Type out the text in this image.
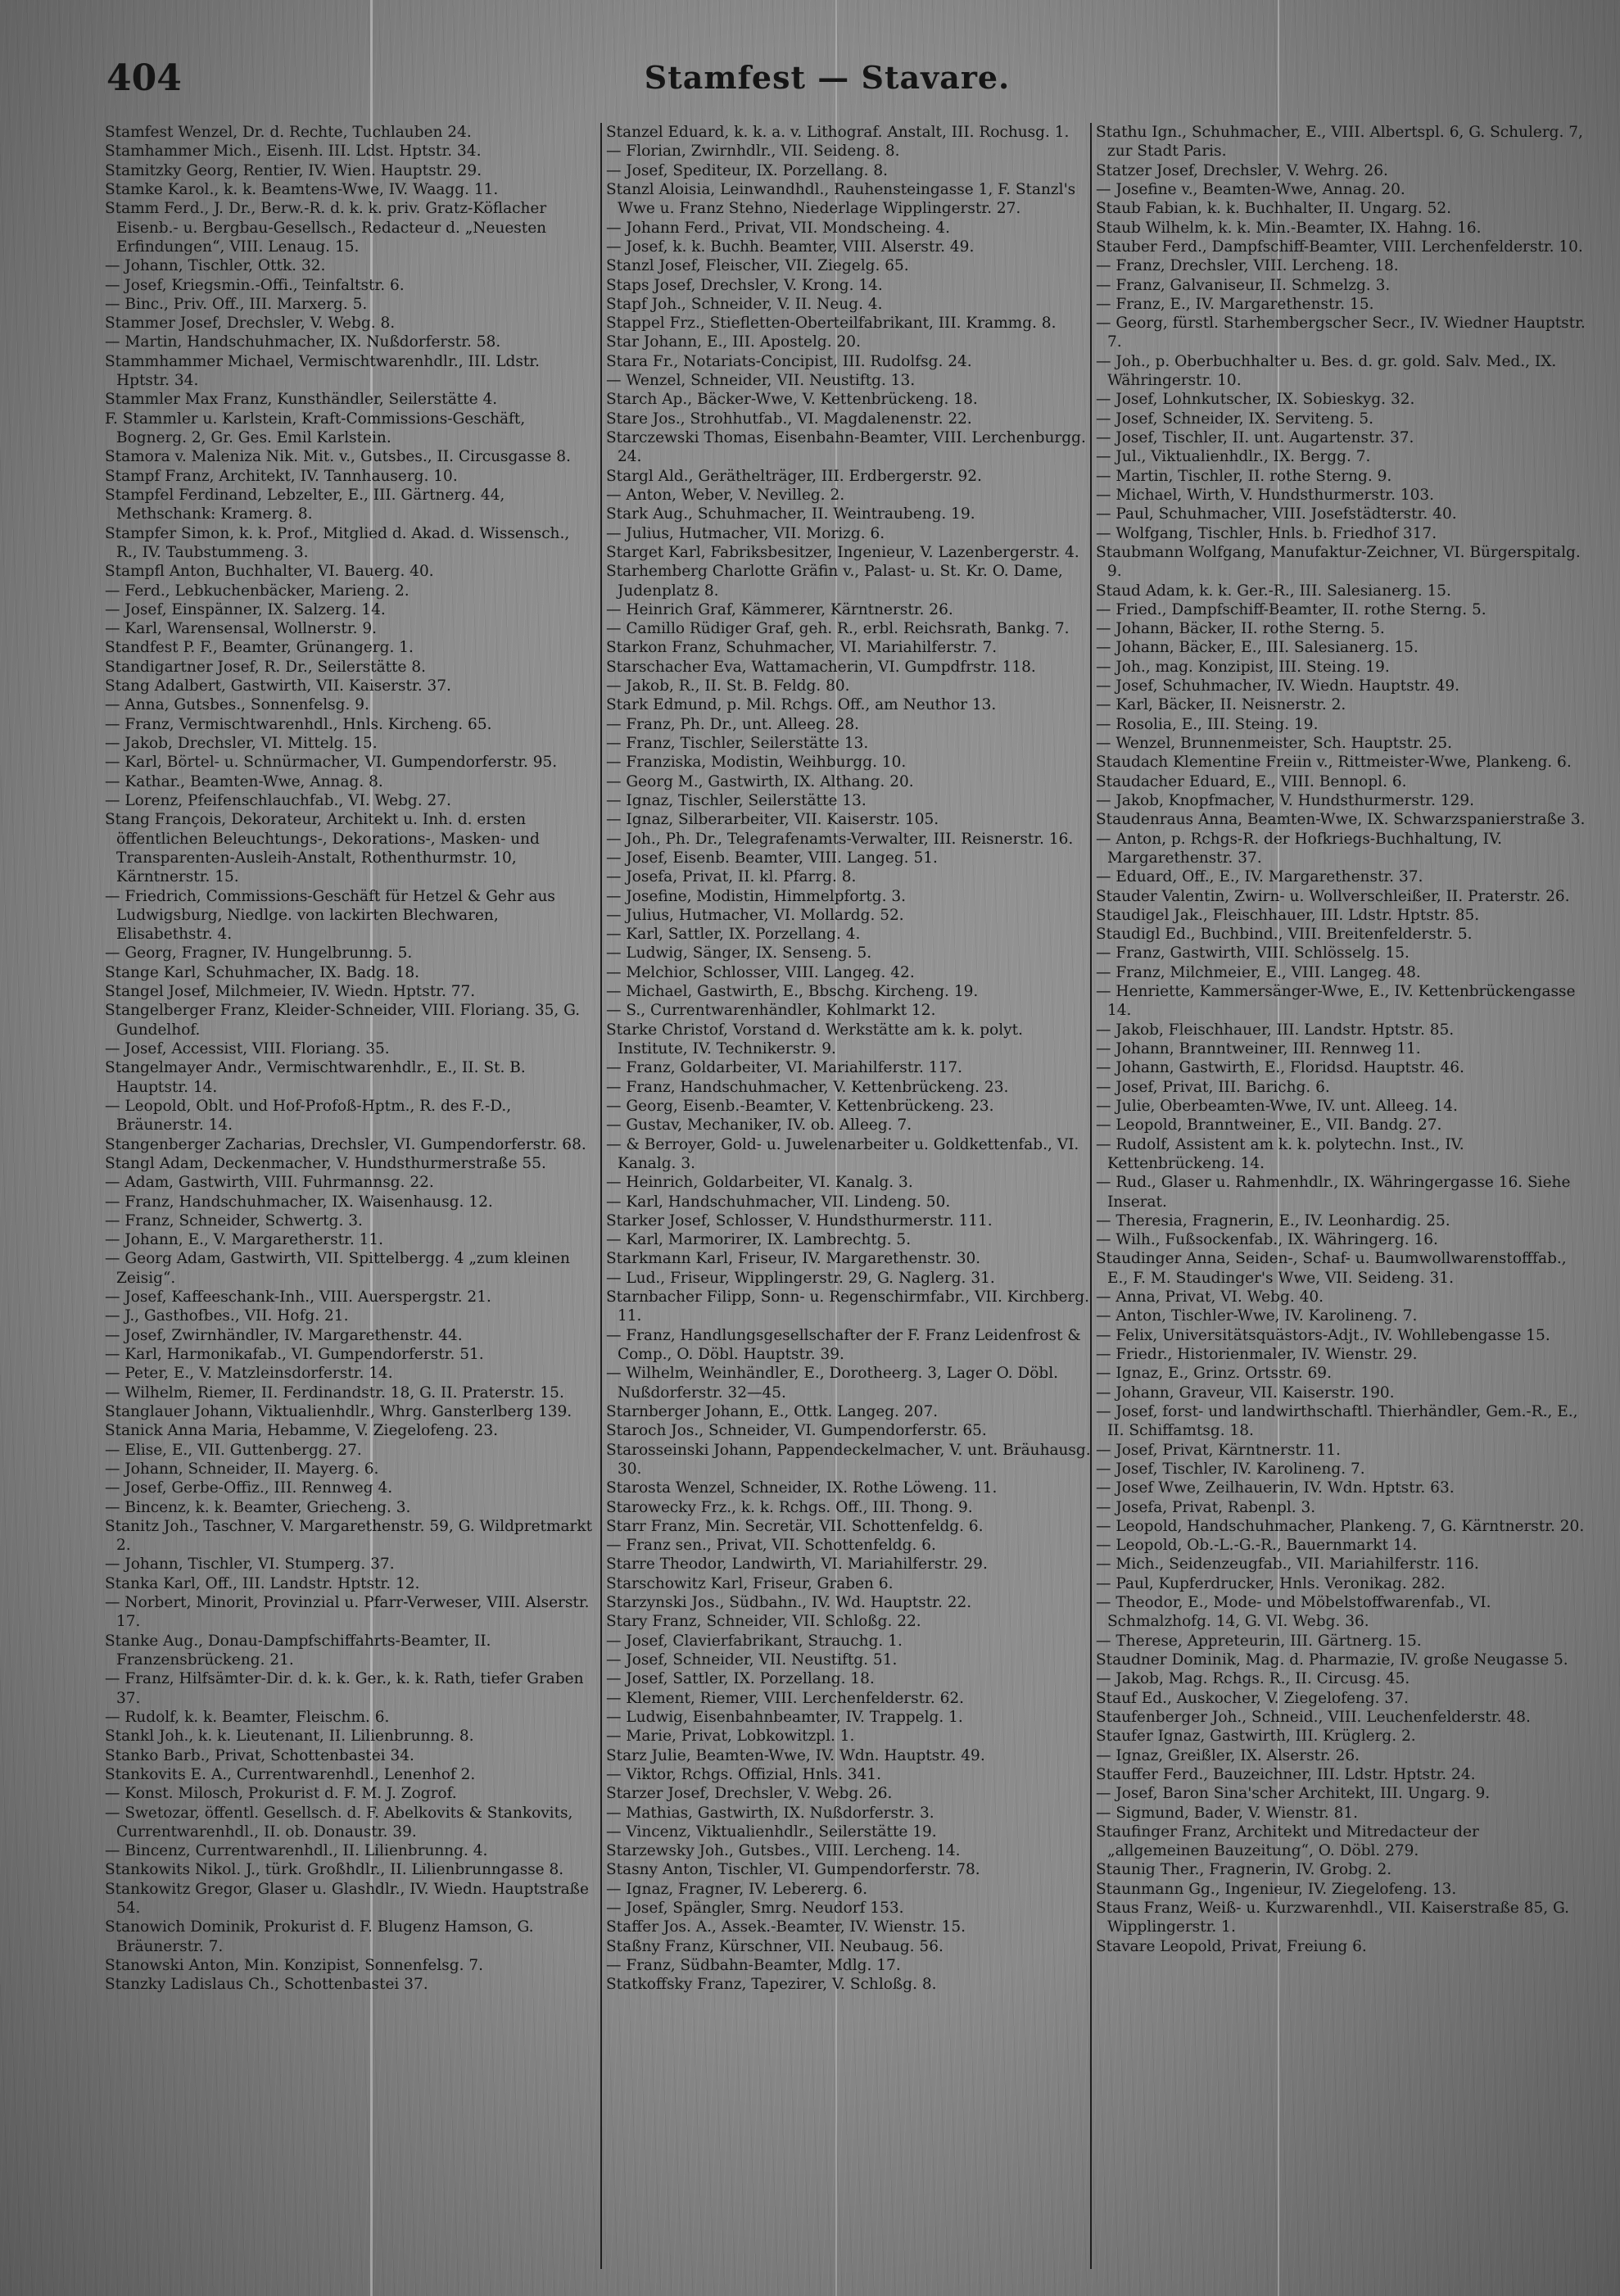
404	Stamfest — Stavare.
Stamfest Wenzel, Dr. d. Rechte, Tuchlauben 24.
Stamhammer Mich., Eisenh. III. Ldst. Hptstr. 34.
Stamitzky Georg, Rentier, IV. Wien. Hauptstr. 29.
Stamke Karol., k. k. Beamtens-Wwe, IV. Waagg. 11.
Stamm Ferd., J. Dr., Berw.-R. d. k. k. priv. Gratz-Köflacher Eisenb.- u. Bergbau-Gesellsch., Redacteur d. „Neuesten Erfindungen“, VIII. Lenaug. 15.
— Johann, Tischler, Ottk. 32.
— Josef, Kriegsmin.-Offi., Teinfaltstr. 6.
— Binc., Priv. Off., III. Marxerg. 5.
Stammer Josef, Drechsler, V. Webg. 8.
— Martin, Handschuhmacher, IX. Nußdorferstr. 58.
Stammhammer Michael, Vermischtwarenhdlr., III. Ldstr. Hptstr. 34.
Stammler Max Franz, Kunsthändler, Seilerstätte 4.
F. Stammler u. Karlstein, Kraft-Commissions-Geschäft, Bognerg. 2, Gr. Ges. Emil Karlstein.
Stamora v. Maleniza Nik. Mit. v., Gutsbes., II. Circusgasse 8.
Stampf Franz, Architekt, IV. Tannhauserg. 10.
Stampfel Ferdinand, Lebzelter, E., III. Gärtnerg. 44, Methschank: Kramerg. 8.
Stampfer Simon, k. k. Prof., Mitglied d. Akad. d. Wissensch., R., IV. Taubstummeng. 3.
Stampfl Anton, Buchhalter, VI. Bauerg. 40.
— Ferd., Lebkuchenbäcker, Marieng. 2.
— Josef, Einspänner, IX. Salzerg. 14.
— Karl, Warensensal, Wollnerstr. 9.
Standfest P. F., Beamter, Grünangerg. 1.
Standigartner Josef, R. Dr., Seilerstätte 8.
Stang Adalbert, Gastwirth, VII. Kaiserstr. 37.
— Anna, Gutsbes., Sonnenfelsg. 9.
— Franz, Vermischtwarenhdl., Hnls. Kircheng. 65.
— Jakob, Drechsler, VI. Mittelg. 15.
— Karl, Börtel- u. Schnürmacher, VI. Gumpendorferstr. 95.
— Kathar., Beamten-Wwe, Annag. 8.
— Lorenz, Pfeifenschlauchfab., VI. Webg. 27.
Stang François, Dekorateur, Architekt u. Inh. d. ersten öffentlichen Beleuchtungs-, Dekorations-, Masken- und Transparenten-Ausleih-Anstalt, Rothenthurmstr. 10, Kärntnerstr. 15.
— Friedrich, Commissions-Geschäft für Hetzel & Gehr aus Ludwigsburg, Niedlge. von lackirten Blechwaren, Elisabethstr. 4.
— Georg, Fragner, IV. Hungelbrunng. 5.
Stange Karl, Schuhmacher, IX. Badg. 18.
Stangel Josef, Milchmeier, IV. Wiedn. Hptstr. 77.
Stangelberger Franz, Kleider-Schneider, VIII. Floriang. 35, G. Gundelhof.
— Josef, Accessist, VIII. Floriang. 35.
Stangelmayer Andr., Vermischtwarenhdlr., E., II. St. B. Hauptstr. 14.
— Leopold, Oblt. und Hof-Profoß-Hptm., R. des F.-D., Bräunerstr. 14.
Stangenberger Zacharias, Drechsler, VI. Gumpendorferstr. 68.
Stangl Adam, Deckenmacher, V. Hundsthurmerstraße 55.
— Adam, Gastwirth, VIII. Fuhrmannsg. 22.
— Franz, Handschuhmacher, IX. Waisenhausg. 12.
— Franz, Schneider, Schwertg. 3.
— Johann, E., V. Margaretherstr. 11.
— Georg Adam, Gastwirth, VII. Spittelbergg. 4 „zum kleinen Zeisig“.
— Josef, Kaffeeschank-Inh., VIII. Auerspergstr. 21.
— J., Gasthofbes., VII. Hofg. 21.
— Josef, Zwirnhändler, IV. Margarethenstr. 44.
— Karl, Harmonikafab., VI. Gumpendorferstr. 51.
— Peter, E., V. Matzleinsdorferstr. 14.
— Wilhelm, Riemer, II. Ferdinandstr. 18, G. II. Praterstr. 15.
Stanglauer Johann, Viktualienhdlr., Whrg. Gansterlberg 139.
Stanick Anna Maria, Hebamme, V. Ziegelofeng. 23.
— Elise, E., VII. Guttenbergg. 27.
— Johann, Schneider, II. Mayerg. 6.
— Josef, Gerbe-Offiz., III. Rennweg 4.
— Bincenz, k. k. Beamter, Griecheng. 3.
Stanitz Joh., Taschner, V. Margarethenstr. 59, G. Wildpretmarkt 2.
— Johann, Tischler, VI. Stumperg. 37.
Stanka Karl, Off., III. Landstr. Hptstr. 12.
— Norbert, Minorit, Provinzial u. Pfarr-Verweser, VIII. Alserstr. 17.
Stanke Aug., Donau-Dampfschiffahrts-Beamter, II. Franzensbrückeng. 21.
— Franz, Hilfsämter-Dir. d. k. k. Ger., k. k. Rath, tiefer Graben 37.
— Rudolf, k. k. Beamter, Fleischm. 6.
Stankl Joh., k. k. Lieutenant, II. Lilienbrunng. 8.
Stanko Barb., Privat, Schottenbastei 34.
Stankovits E. A., Currentwarenhdl., Lenenhof 2.
— Konst. Milosch, Prokurist d. F. M. J. Zogrof.
— Swetozar, öffentl. Gesellsch. d. F. Abelkovits & Stankovits, Currentwarenhdl., II. ob. Donaustr. 39.
— Bincenz, Currentwarenhdl., II. Lilienbrunng. 4.
Stankowits Nikol. J., türk. Großhdlr., II. Lilienbrunngasse 8.
Stankowitz Gregor, Glaser u. Glashdlr., IV. Wiedn. Hauptstraße 54.
Stanowich Dominik, Prokurist d. F. Blugenz Hamson, G. Bräunerstr. 7.
Stanowski Anton, Min. Konzipist, Sonnenfelsg. 7.
Stanzky Ladislaus Ch., Schottenbastei 37.
Stanzel Eduard, k. k. a. v. Lithograf. Anstalt, III. Rochusg. 1.
— Florian, Zwirnhdlr., VII. Seideng. 8.
— Josef, Spediteur, IX. Porzellang. 8.
Stanzl Aloisia, Leinwandhdl., Rauhensteingasse 1, F. Stanzl's Wwe u. Franz Stehno, Niederlage Wipplingerstr. 27.
— Johann Ferd., Privat, VII. Mondscheing. 4.
— Josef, k. k. Buchh. Beamter, VIII. Alserstr. 49.
Stanzl Josef, Fleischer, VII. Ziegelg. 65.
Staps Josef, Drechsler, V. Krong. 14.
Stapf Joh., Schneider, V. II. Neug. 4.
Stappel Frz., Stiefletten-Oberteilfabrikant, III. Krammg. 8.
Star Johann, E., III. Apostelg. 20.
Stara Fr., Notariats-Concipist, III. Rudolfsg. 24.
— Wenzel, Schneider, VII. Neustiftg. 13.
Starch Ap., Bäcker-Wwe, V. Kettenbrückeng. 18.
Stare Jos., Strohhutfab., VI. Magdalenenstr. 22.
Starczewski Thomas, Eisenbahn-Beamter, VIII. Lerchenburgg. 24.
Stargl Ald., Geräthelträger, III. Erdbergerstr. 92.
— Anton, Weber, V. Nevilleg. 2.
Stark Aug., Schuhmacher, II. Weintraubeng. 19.
— Julius, Hutmacher, VII. Morizg. 6.
Starget Karl, Fabriksbesitzer, Ingenieur, V. Lazenbergerstr. 4.
Starhemberg Charlotte Gräfin v., Palast- u. St. Kr. O. Dame, Judenplatz 8.
— Heinrich Graf, Kämmerer, Kärntnerstr. 26.
— Camillo Rüdiger Graf, geh. R., erbl. Reichsrath, Bankg. 7.
Starkon Franz, Schuhmacher, VI. Mariahilferstr. 7.
Starschacher Eva, Wattamacherin, VI. Gumpdfrstr. 118.
— Jakob, R., II. St. B. Feldg. 80.
Stark Edmund, p. Mil. Rchgs. Off., am Neuthor 13.
— Franz, Ph. Dr., unt. Alleeg. 28.
— Franz, Tischler, Seilerstätte 13.
— Franziska, Modistin, Weihburgg. 10.
— Georg M., Gastwirth, IX. Althang. 20.
— Ignaz, Tischler, Seilerstätte 13.
— Ignaz, Silberarbeiter, VII. Kaiserstr. 105.
— Joh., Ph. Dr., Telegrafenamts-Verwalter, III. Reisnerstr. 16.
— Josef, Eisenb. Beamter, VIII. Langeg. 51.
— Josefa, Privat, II. kl. Pfarrg. 8.
— Josefine, Modistin, Himmelpfortg. 3.
— Julius, Hutmacher, VI. Mollardg. 52.
— Karl, Sattler, IX. Porzellang. 4.
— Ludwig, Sänger, IX. Senseng. 5.
— Melchior, Schlosser, VIII. Langeg. 42.
— Michael, Gastwirth, E., Bbschg. Kircheng. 19.
— S., Currentwarenhändler, Kohlmarkt 12.
Starke Christof, Vorstand d. Werkstätte am k. k. polyt. Institute, IV. Technikerstr. 9.
— Franz, Goldarbeiter, VI. Mariahilferstr. 117.
— Franz, Handschuhmacher, V. Kettenbrückeng. 23.
— Georg, Eisenb.-Beamter, V. Kettenbrückeng. 23.
— Gustav, Mechaniker, IV. ob. Alleeg. 7.
— & Berroyer, Gold- u. Juwelenarbeiter u. Goldkettenfab., VI. Kanalg. 3.
— Heinrich, Goldarbeiter, VI. Kanalg. 3.
— Karl, Handschuhmacher, VII. Lindeng. 50.
Starker Josef, Schlosser, V. Hundsthurmerstr. 111.
— Karl, Marmorirer, IX. Lambrechtg. 5.
Starkmann Karl, Friseur, IV. Margarethenstr. 30.
— Lud., Friseur, Wipplingerstr. 29, G. Naglerg. 31.
Starnbacher Filipp, Sonn- u. Regenschirmfabr., VII. Kirchberg. 11.
— Franz, Handlungsgesellschafter der F. Franz Leidenfrost & Comp., O. Döbl. Hauptstr. 39.
— Wilhelm, Weinhändler, E., Dorotheerg. 3, Lager O. Döbl. Nußdorferstr. 32—45.
Starnberger Johann, E., Ottk. Langeg. 207.
Staroch Jos., Schneider, VI. Gumpendorferstr. 65.
Starosseinski Johann, Pappendeckelmacher, V. unt. Bräuhausg. 30.
Starosta Wenzel, Schneider, IX. Rothe Löweng. 11.
Starowecky Frz., k. k. Rchgs. Off., III. Thong. 9.
Starr Franz, Min. Secretär, VII. Schottenfeldg. 6.
— Franz sen., Privat, VII. Schottenfeldg. 6.
Starre Theodor, Landwirth, VI. Mariahilferstr. 29.
Starschowitz Karl, Friseur, Graben 6.
Starzynski Jos., Südbahn., IV. Wd. Hauptstr. 22.
Stary Franz, Schneider, VII. Schloßg. 22.
— Josef, Clavierfabrikant, Strauchg. 1.
— Josef, Schneider, VII. Neustiftg. 51.
— Josef, Sattler, IX. Porzellang. 18.
— Klement, Riemer, VIII. Lerchenfelderstr. 62.
— Ludwig, Eisenbahnbeamter, IV. Trappelg. 1.
— Marie, Privat, Lobkowitzpl. 1.
Starz Julie, Beamten-Wwe, IV. Wdn. Hauptstr. 49.
— Viktor, Rchgs. Offizial, Hnls. 341.
Starzer Josef, Drechsler, V. Webg. 26.
— Mathias, Gastwirth, IX. Nußdorferstr. 3.
— Vincenz, Viktualienhdlr., Seilerstätte 19.
Starzewsky Joh., Gutsbes., VIII. Lercheng. 14.
Stasny Anton, Tischler, VI. Gumpendorferstr. 78.
— Ignaz, Fragner, IV. Lebererg. 6.
— Josef, Spängler, Smrg. Neudorf 153.
Staffer Jos. A., Assek.-Beamter, IV. Wienstr. 15.
Staßny Franz, Kürschner, VII. Neubaug. 56.
— Franz, Südbahn-Beamter, Mdlg. 17.
Statkoffsky Franz, Tapezirer, V. Schloßg. 8.
Stathu Ign., Schuhmacher, E., VIII. Albertspl. 6, G. Schulerg. 7, zur Stadt Paris.
Statzer Josef, Drechsler, V. Wehrg. 26.
— Josefine v., Beamten-Wwe, Annag. 20.
Staub Fabian, k. k. Buchhalter, II. Ungarg. 52.
Staub Wilhelm, k. k. Min.-Beamter, IX. Hahng. 16.
Stauber Ferd., Dampfschiff-Beamter, VIII. Lerchenfelderstr. 10.
— Franz, Drechsler, VIII. Lercheng. 18.
— Franz, Galvaniseur, II. Schmelzg. 3.
— Franz, E., IV. Margarethenstr. 15.
— Georg, fürstl. Starhembergscher Secr., IV. Wiedner Hauptstr. 7.
— Joh., p. Oberbuchhalter u. Bes. d. gr. gold. Salv. Med., IX. Währingerstr. 10.
— Josef, Lohnkutscher, IX. Sobieskyg. 32.
— Josef, Schneider, IX. Serviteng. 5.
— Josef, Tischler, II. unt. Augartenstr. 37.
— Jul., Viktualienhdlr., IX. Bergg. 7.
— Martin, Tischler, II. rothe Sterng. 9.
— Michael, Wirth, V. Hundsthurmerstr. 103.
— Paul, Schuhmacher, VIII. Josefstädterstr. 40.
— Wolfgang, Tischler, Hnls. b. Friedhof 317.
Staubmann Wolfgang, Manufaktur-Zeichner, VI. Bürgerspitalg. 9.
Staud Adam, k. k. Ger.-R., III. Salesianerg. 15.
— Fried., Dampfschiff-Beamter, II. rothe Sterng. 5.
— Johann, Bäcker, II. rothe Sterng. 5.
— Johann, Bäcker, E., III. Salesianerg. 15.
— Joh., mag. Konzipist, III. Steing. 19.
— Josef, Schuhmacher, IV. Wiedn. Hauptstr. 49.
— Karl, Bäcker, II. Neisnerstr. 2.
— Rosolia, E., III. Steing. 19.
— Wenzel, Brunnenmeister, Sch. Hauptstr. 25.
Staudach Klementine Freiin v., Rittmeister-Wwe, Plankeng. 6.
Staudacher Eduard, E., VIII. Bennopl. 6.
— Jakob, Knopfmacher, V. Hundsthurmerstr. 129.
Staudenraus Anna, Beamten-Wwe, IX. Schwarzspanierstraße 3.
— Anton, p. Rchgs-R. der Hofkriegs-Buchhaltung, IV. Margarethenstr. 37.
— Eduard, Off., E., IV. Margarethenstr. 37.
Stauder Valentin, Zwirn- u. Wollverschleißer, II. Praterstr. 26.
Staudigel Jak., Fleischhauer, III. Ldstr. Hptstr. 85.
Staudigl Ed., Buchbind., VIII. Breitenfelderstr. 5.
— Franz, Gastwirth, VIII. Schlösselg. 15.
— Franz, Milchmeier, E., VIII. Langeg. 48.
— Henriette, Kammersänger-Wwe, E., IV. Kettenbrückengasse 14.
— Jakob, Fleischhauer, III. Landstr. Hptstr. 85.
— Johann, Branntweiner, III. Rennweg 11.
— Johann, Gastwirth, E., Floridsd. Hauptstr. 46.
— Josef, Privat, III. Barichg. 6.
— Julie, Oberbeamten-Wwe, IV. unt. Alleeg. 14.
— Leopold, Branntweiner, E., VII. Bandg. 27.
— Rudolf, Assistent am k. k. polytechn. Inst., IV. Kettenbrückeng. 14.
— Rud., Glaser u. Rahmenhdlr., IX. Währingergasse 16. Siehe Inserat.
— Theresia, Fragnerin, E., IV. Leonhardig. 25.
— Wilh., Fußsockenfab., IX. Währingerg. 16.
Staudinger Anna, Seiden-, Schaf- u. Baumwollwarenstofffab., E., F. M. Staudinger's Wwe, VII. Seideng. 31.
— Anna, Privat, VI. Webg. 40.
— Anton, Tischler-Wwe, IV. Karolineng. 7.
— Felix, Universitätsquästors-Adjt., IV. Wohllebengasse 15.
— Friedr., Historienmaler, IV. Wienstr. 29.
— Ignaz, E., Grinz. Ortsstr. 69.
— Johann, Graveur, VII. Kaiserstr. 190.
— Josef, forst- und landwirthschaftl. Thierhändler, Gem.-R., E., II. Schiffamtsg. 18.
— Josef, Privat, Kärntnerstr. 11.
— Josef, Tischler, IV. Karolineng. 7.
— Josef Wwe, Zeilhauerin, IV. Wdn. Hptstr. 63.
— Josefa, Privat, Rabenpl. 3.
— Leopold, Handschuhmacher, Plankeng. 7, G. Kärntnerstr. 20.
— Leopold, Ob.-L.-G.-R., Bauernmarkt 14.
— Mich., Seidenzeugfab., VII. Mariahilferstr. 116.
— Paul, Kupferdrucker, Hnls. Veronikag. 282.
— Theodor, E., Mode- und Möbelstoffwarenfab., VI. Schmalzhofg. 14, G. VI. Webg. 36.
— Therese, Appreteurin, III. Gärtnerg. 15.
Staudner Dominik, Mag. d. Pharmazie, IV. große Neugasse 5.
— Jakob, Mag. Rchgs. R., II. Circusg. 45.
Stauf Ed., Auskocher, V. Ziegelofeng. 37.
Staufenberger Joh., Schneid., VIII. Leuchenfelderstr. 48.
Staufer Ignaz, Gastwirth, III. Krüglerg. 2.
— Ignaz, Greißler, IX. Alserstr. 26.
Stauffer Ferd., Bauzeichner, III. Ldstr. Hptstr. 24.
— Josef, Baron Sina'scher Architekt, III. Ungarg. 9.
— Sigmund, Bader, V. Wienstr. 81.
Staufinger Franz, Architekt und Mitredacteur der „allgemeinen Bauzeitung“, O. Döbl. 279.
Staunig Ther., Fragnerin, IV. Grobg. 2.
Staunmann Gg., Ingenieur, IV. Ziegelofeng. 13.
Staus Franz, Weiß- u. Kurzwarenhdl., VII. Kaiserstraße 85, G. Wipplingerstr. 1.
Stavare Leopold, Privat, Freiung 6.
